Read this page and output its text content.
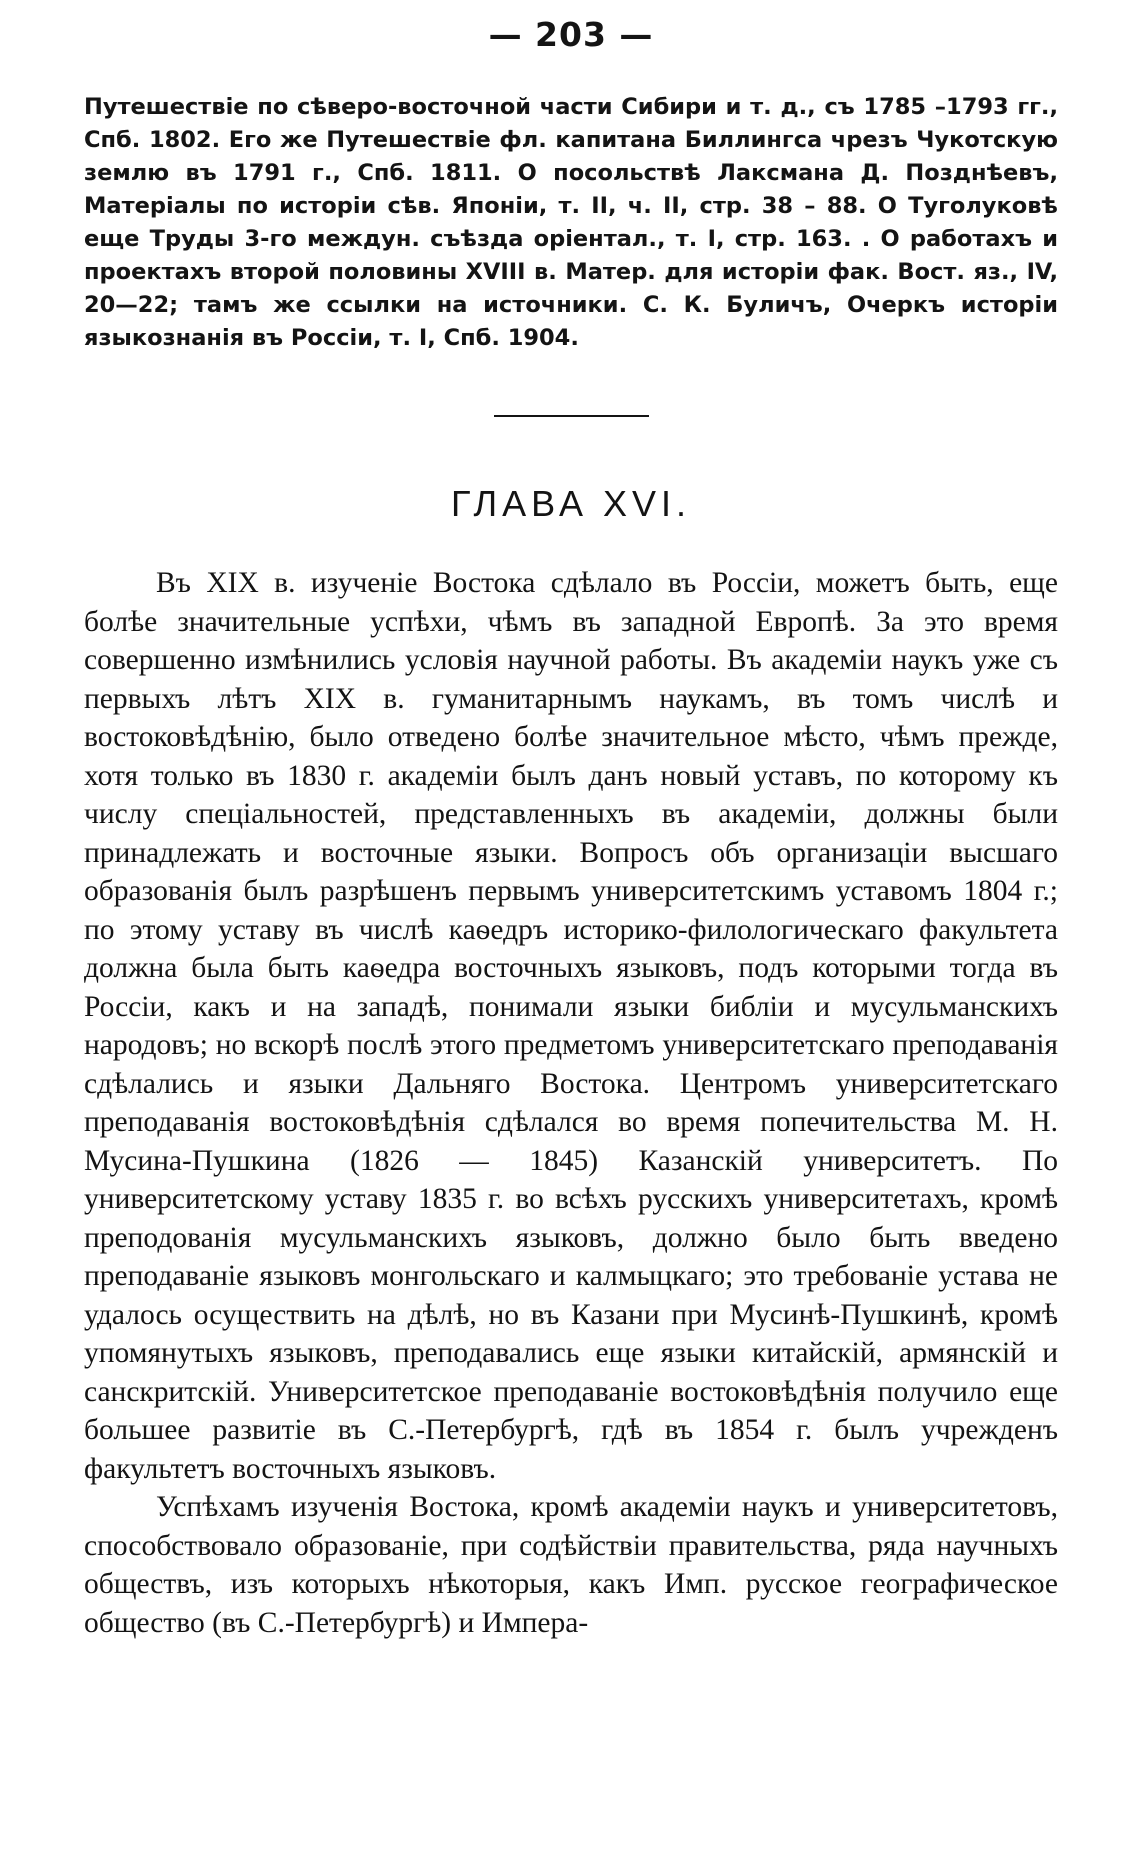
— 203 —

Путешествіе по сѣверо-восточной части Сибири и т. д., съ 1785 –1793 гг., Спб. 1802. Его же Путешествіе фл. капитана Биллингса чрезъ Чукотскую землю въ 1791 г., Спб. 1811. О посольствѣ Лаксмана Д. Позднѣевъ, Матеріалы по исторіи сѣв. Японіи, т. II, ч. II, стр. 38 – 88. О Туголуковѣ еще Труды 3-го междун. съѣзда оріентал., т. I, стр. 163. . О работахъ и проектахъ второй половины XVIII в. Матер. для исторіи фак. Вост. яз., IV, 20—22; тамъ же ссылки на источники. С. К. Буличъ, Очеркъ исторіи языкознанія въ Россіи, т. I, Спб. 1904.

ГЛАВА XVI.

Въ XIX в. изученіе Востока сдѣлало въ Россіи, можетъ быть, еще болѣе значительные успѣхи, чѣмъ въ западной Европѣ. За это время совершенно измѣнились условія научной работы. Въ академіи наукъ уже съ первыхъ лѣтъ XIX в. гуманитарнымъ наукамъ, въ томъ числѣ и востоковѣдѣнію, было отведено болѣе значительное мѣсто, чѣмъ прежде, хотя только въ 1830 г. академіи былъ данъ новый уставъ, по которому къ числу спеціальностей, представленныхъ въ академіи, должны были принадлежать и восточные языки. Вопросъ объ организаціи высшаго образованія былъ разрѣшенъ первымъ университетскимъ уставомъ 1804 г.; по этому уставу въ числѣ каѳедръ историко-филологическаго факультета должна была быть каѳедра восточныхъ языковъ, подъ которыми тогда въ Россіи, какъ и на западѣ, понимали языки библіи и мусульманскихъ народовъ; но вскорѣ послѣ этого предметомъ университетскаго преподаванія сдѣлались и языки Дальняго Востока. Центромъ университетскаго преподаванія востоковѣдѣнія сдѣлался во время попечительства М. Н. Мусина-Пушкина (1826 — 1845) Казанскій университетъ. По университетскому уставу 1835 г. во всѣхъ русскихъ университетахъ, кромѣ преподованія мусульманскихъ языковъ, должно было быть введено преподаваніе языковъ монгольскаго и калмыцкаго; это требованіе устава не удалось осуществить на дѣлѣ, но въ Казани при Мусинѣ-Пушкинѣ, кромѣ упомянутыхъ языковъ, преподавались еще языки китайскій, армянскій и санскритскій. Университетское преподаваніе востоковѣдѣнія получило еще большее развитіе въ С.-Петербургѣ, гдѣ въ 1854 г. былъ учрежденъ факультетъ восточныхъ языковъ.

Успѣхамъ изученія Востока, кромѣ академіи наукъ и университетовъ, способствовало образованіе, при содѣйствіи правительства, ряда научныхъ обществъ, изъ которыхъ нѣкоторыя, какъ Имп. русское географическое общество (въ С.-Петербургѣ) и Импера-
